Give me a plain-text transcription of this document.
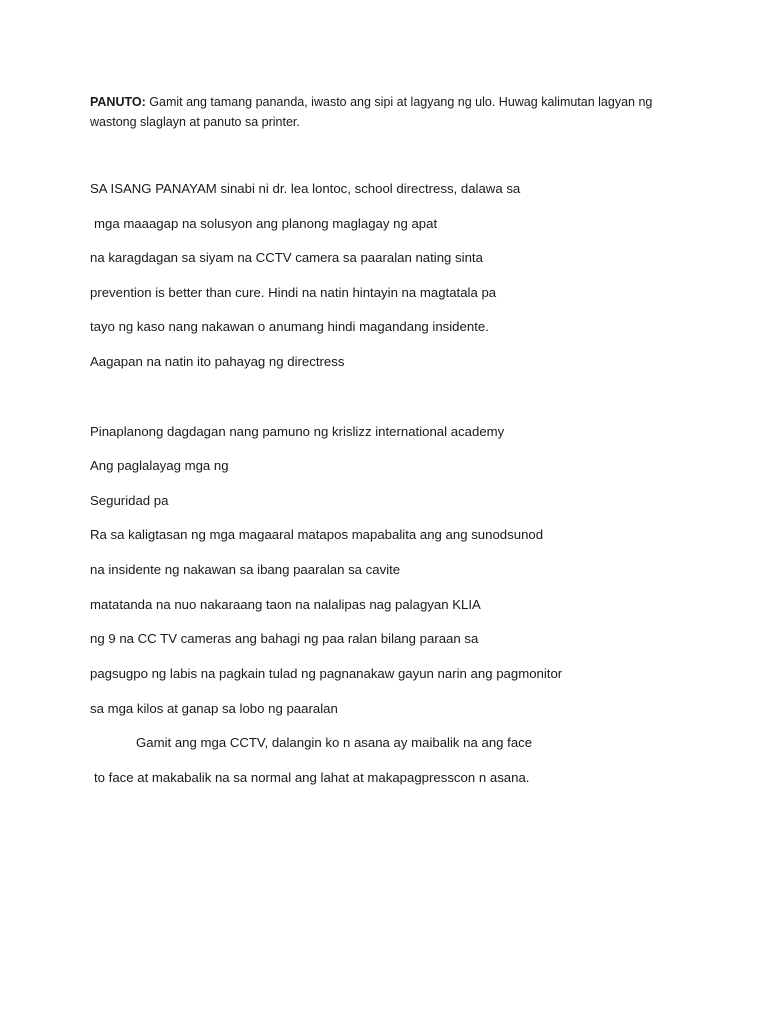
PANUTO: Gamit ang tamang pananda, iwasto ang sipi at lagyang ng ulo. Huwag kalimutan lagyan ng wastong slaglayn at panuto sa printer.
SA ISANG PANAYAM sinabi ni dr. lea lontoc, school directress, dalawa sa
mga maaagap na solusyon ang planong maglagay ng apat
na karagdagan sa siyam na CCTV camera sa paaralan nating sinta
prevention is better than cure. Hindi na natin hintayin na magtatala pa
tayo ng kaso nang nakawan o anumang hindi magandang insidente.
Aagapan na natin ito pahayag ng directress
Pinaplanong dagdagan nang pamuno ng krislizz international academy
Ang paglalayag mga ng
Seguridad pa
Ra sa kaligtasan ng mga magaaral matapos mapabalita ang ang sunodsunod
na insidente ng nakawan sa ibang paaralan sa cavite
matatanda na nuo nakaraang taon na nalalipas nag palagyan KLIA
ng 9 na CC TV cameras ang bahagi ng paa ralan bilang paraan sa
pagsugpo ng labis na pagkain tulad ng pagnanakaw gayun narin ang pagmonitor
sa mga kilos at ganap sa lobo ng paaralan
Gamit ang mga CCTV, dalangin ko n asana ay maibalik na ang face
to face at makabalik na sa normal ang lahat at makapagpresscon n asana.
